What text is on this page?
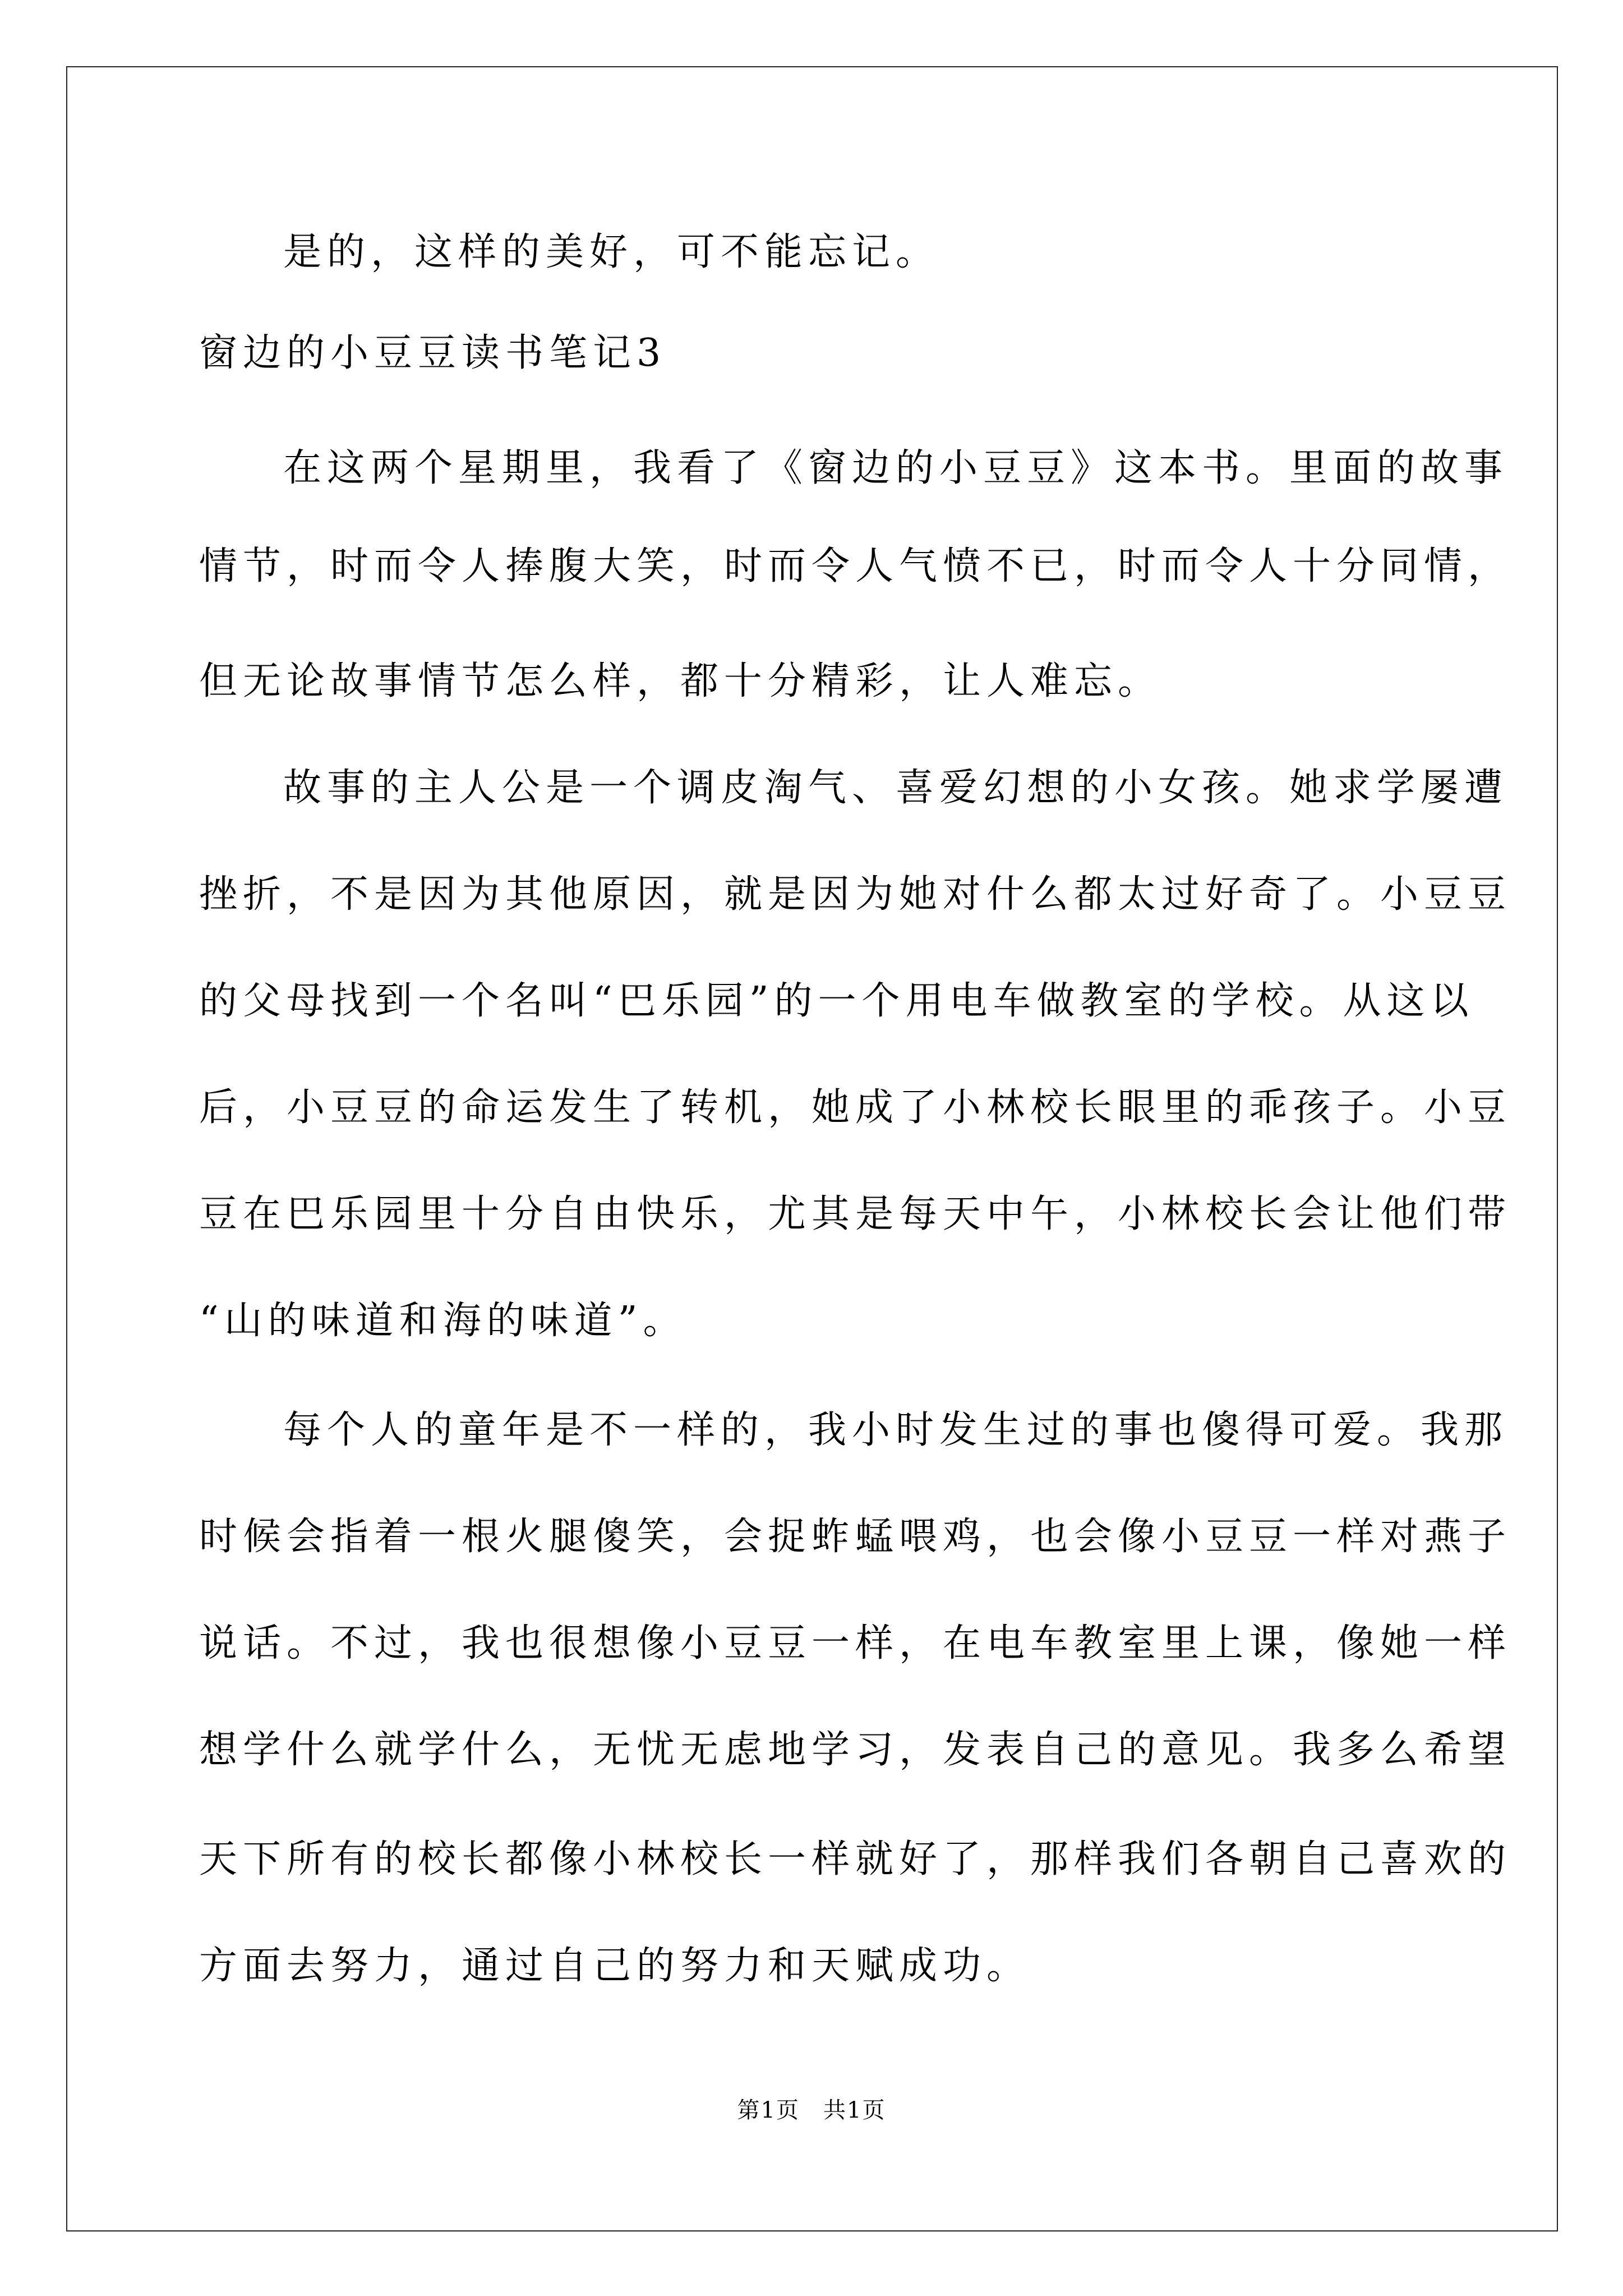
是的，这样的美好，可不能忘记。
窗边的小豆豆读书笔记3
在这两个星期里，我看了《窗边的小豆豆》这本书。里面的故事
情节，时而令人捧腹大笑，时而令人气愤不已，时而令人十分同情，
但无论故事情节怎么样，都十分精彩，让人难忘。
故事的主人公是一个调皮淘气、喜爱幻想的小女孩。她求学屡遭
挫折，不是因为其他原因，就是因为她对什么都太过好奇了。小豆豆
的父母找到一个名叫“巴乐园”的一个用电车做教室的学校。从这以
后，小豆豆的命运发生了转机，她成了小林校长眼里的乖孩子。小豆
豆在巴乐园里十分自由快乐，尤其是每天中午，小林校长会让他们带
“山的味道和海的味道”。
每个人的童年是不一样的，我小时发生过的事也傻得可爱。我那
时候会指着一根火腿傻笑，会捉蚱蜢喂鸡，也会像小豆豆一样对燕子
说话。不过，我也很想像小豆豆一样，在电车教室里上课，像她一样
想学什么就学什么，无忧无虑地学习，发表自己的意见。我多么希望
天下所有的校长都像小林校长一样就好了，那样我们各朝自己喜欢的
方面去努力，通过自己的努力和天赋成功。
第1页　共1页
